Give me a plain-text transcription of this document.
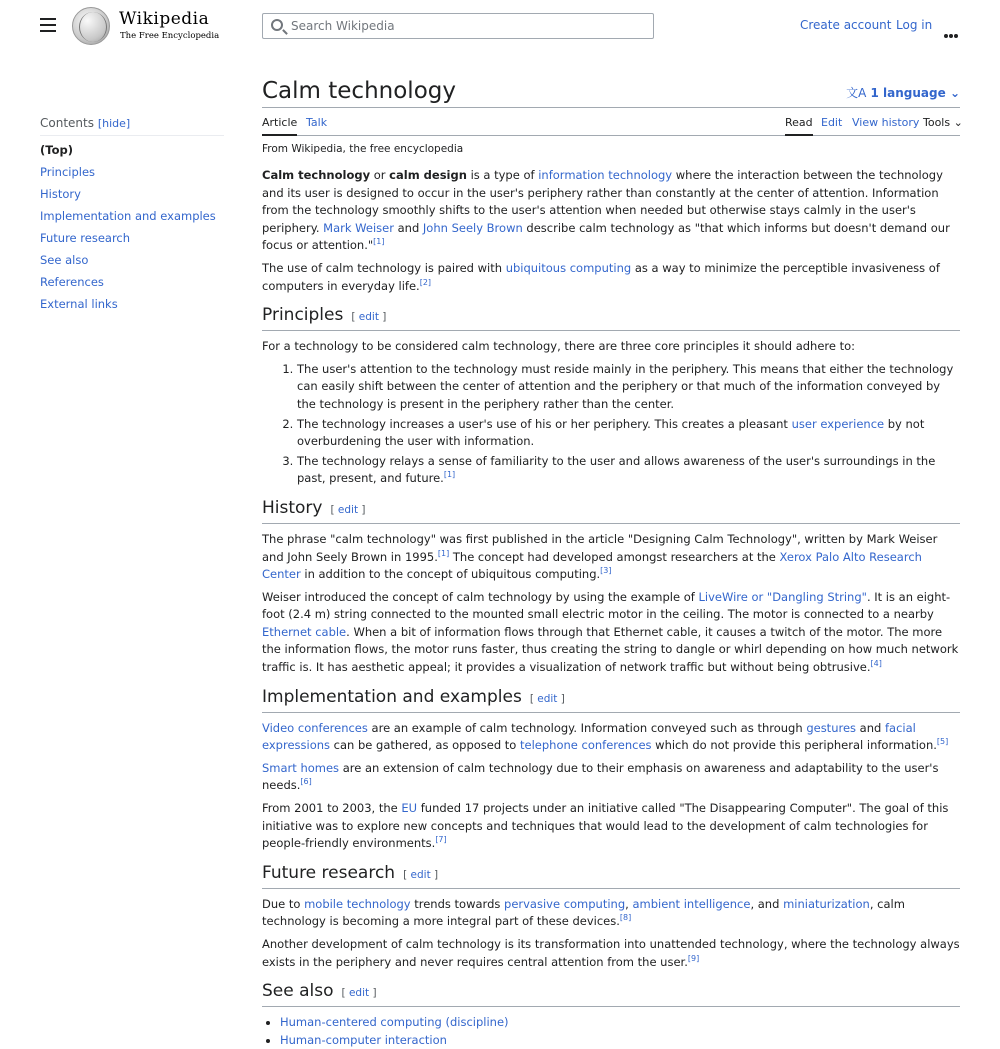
Wikipedia
The Free Encyclopedia
Search Wikipedia
Create account Log in
Contents [hide]
(Top)
Principles
History
Implementation and examples
Future research
See also
References
External links
Calm technology	文A 1 language ⌄
Article Talk	Read Edit View history Tools ⌄
From Wikipedia, the free encyclopedia

Calm technology or calm design is a type of information technology where the interaction between the technology and its user is designed to occur in the user's periphery rather than constantly at the center of attention. Information from the technology smoothly shifts to the user's attention when needed but otherwise stays calmly in the user's periphery. Mark Weiser and John Seely Brown describe calm technology as "that which informs but doesn't demand our focus or attention."[1]

The use of calm technology is paired with ubiquitous computing as a way to minimize the perceptible invasiveness of computers in everyday life.[2]

Principles [ edit ]

For a technology to be considered calm technology, there are three core principles it should adhere to:

1. The user's attention to the technology must reside mainly in the periphery. This means that either the technology can easily shift between the center of attention and the periphery or that much of the information conveyed by the technology is present in the periphery rather than the center.
2. The technology increases a user's use of his or her periphery. This creates a pleasant user experience by not overburdening the user with information.
3. The technology relays a sense of familiarity to the user and allows awareness of the user's surroundings in the past, present, and future.[1]
History [ edit ]

The phrase "calm technology" was first published in the article "Designing Calm Technology", written by Mark Weiser and John Seely Brown in 1995.[1] The concept had developed amongst researchers at the Xerox Palo Alto Research Center in addition to the concept of ubiquitous computing.[3]

Weiser introduced the concept of calm technology by using the example of LiveWire or "Dangling String". It is an eight-foot (2.4 m) string connected to the mounted small electric motor in the ceiling. The motor is connected to a nearby Ethernet cable. When a bit of information flows through that Ethernet cable, it causes a twitch of the motor. The more the information flows, the motor runs faster, thus creating the string to dangle or whirl depending on how much network traffic is. It has aesthetic appeal; it provides a visualization of network traffic but without being obtrusive.[4]

Implementation and examples [ edit ]

Video conferences are an example of calm technology. Information conveyed such as through gestures and facial expressions can be gathered, as opposed to telephone conferences which do not provide this peripheral information.[5]

Smart homes are an extension of calm technology due to their emphasis on awareness and adaptability to the user's needs.[6]

From 2001 to 2003, the EU funded 17 projects under an initiative called "The Disappearing Computer". The goal of this initiative was to explore new concepts and techniques that would lead to the development of calm technologies for people-friendly environments.[7]

Future research [ edit ]

Due to mobile technology trends towards pervasive computing, ambient intelligence, and miniaturization, calm technology is becoming a more integral part of these devices.[8]

Another development of calm technology is its transformation into unattended technology, where the technology always exists in the periphery and never requires central attention from the user.[9]

See also [ edit ]
• Human-centered computing (discipline)
• Human-computer interaction
